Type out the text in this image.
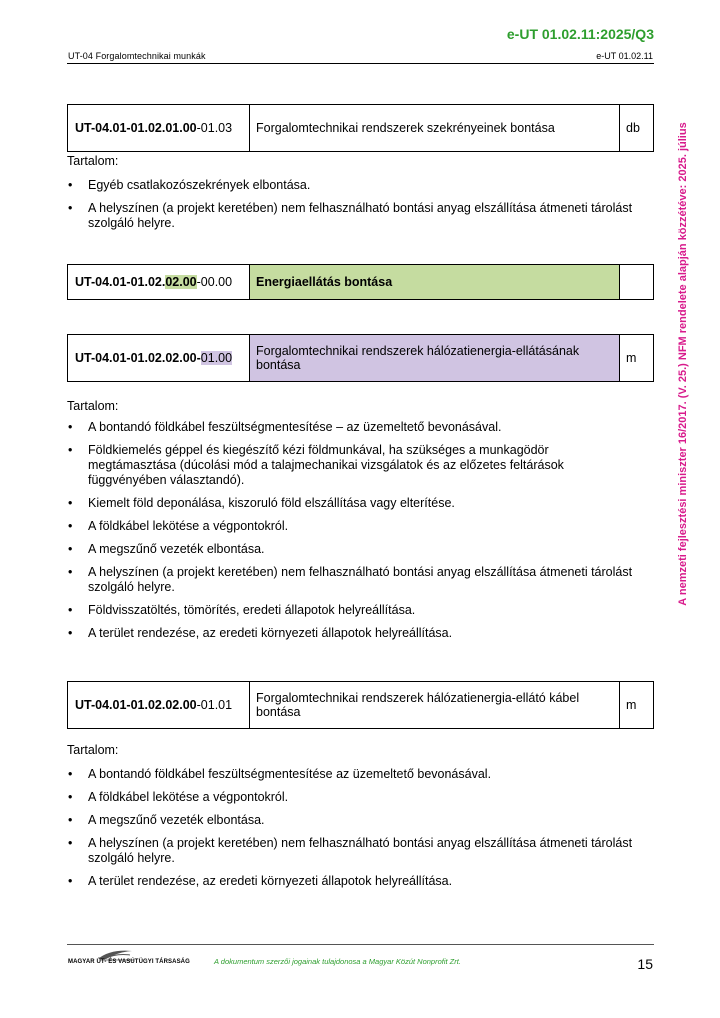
e-UT 01.02.11:2025/Q3
UT-04 Forgalomtechnikai munkák	e-UT 01.02.11
A nemzeti fejlesztési miniszter 16/2017. (V. 25.) NFM rendelete alapján közzétéve: 2025. július
UT-04.01-01.02.01.00 -01.03	Forgalomtechnikai rendszerek szekrényeinek bontása	db
Tartalom:
• Egyéb csatlakozószekrények elbontása.
• A helyszínen (a projekt keretében) nem felhasználható bontási anyag elszállítása átmeneti tárolást szolgáló helyre.
UT-04.01-01.02. 02.00 -00.00	Energiaellátás bontása
UT-04.01-01.02.02.00 - 01.00	Forgalomtechnikai rendszerek hálózatienergia-ellátásának bontása	m
Tartalom:
• A bontandó földkábel feszültségmentesítése – az üzemeltető bevonásával.
• Földkiemelés géppel és kiegészítő kézi földmunkával, ha szükséges a munkagödör megtámasztása (dúcolási mód a talajmechanikai vizsgálatok és az előzetes feltárások függvényében választandó).
• Kiemelt föld deponálása, kiszoruló föld elszállítása vagy elterítése.
• A földkábel lekötése a végpontokról.
• A megszűnő vezeték elbontása.
• A helyszínen (a projekt keretében) nem felhasználható bontási anyag elszállítása átmeneti tárolást szolgáló helyre.
• Földvisszatöltés, tömörítés, eredeti állapotok helyreállítása.
• A terület rendezése, az eredeti környezeti állapotok helyreállítása.
UT-04.01-01.02.02.00 -01.01	Forgalomtechnikai rendszerek hálózatienergia-ellátó kábel bontása	m
Tartalom:
• A bontandó földkábel feszültségmentesítése az üzemeltető bevonásával.
• A földkábel lekötése a végpontokról.
• A megszűnő vezeték elbontása.
• A helyszínen (a projekt keretében) nem felhasználható bontási anyag elszállítása átmeneti tárolást szolgáló helyre.
• A terület rendezése, az eredeti környezeti állapotok helyreállítása.
MAGYAR ÚT- ÉS VASÚTÜGYI TÁRSASÁG	A dokumentum szerzői jogainak tulajdonosa a Magyar Közút Nonprofit Zrt.	15
